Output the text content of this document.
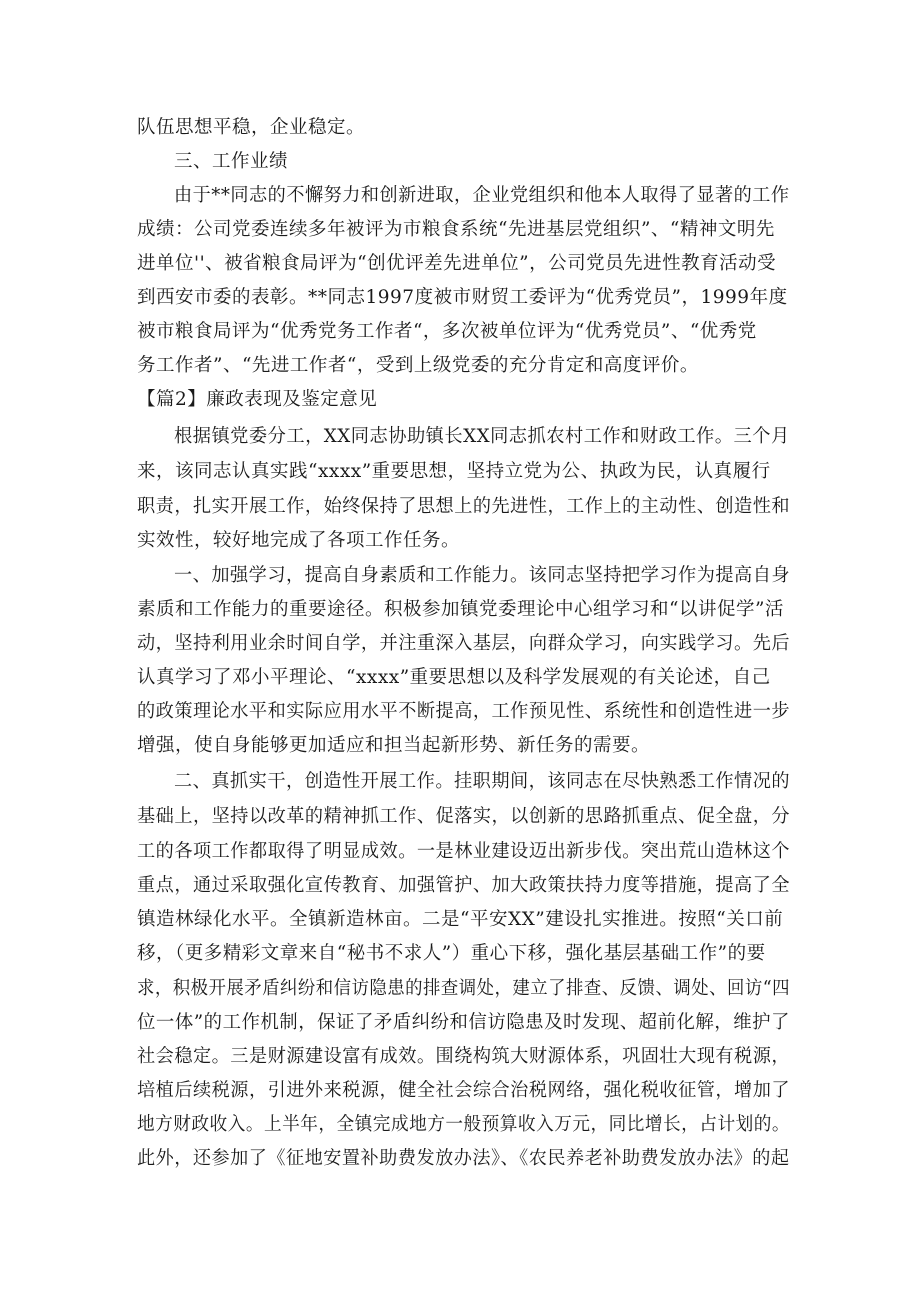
队伍思想平稳，企业稳定。
三、工作业绩
由于**同志的不懈努力和创新进取，企业党组织和他本人取得了显著的工作
成绩：公司党委连续多年被评为市粮食系统“先进基层党组织”、“精神文明先
进单位''、被省粮食局评为“创优评差先进单位”，公司党员先进性教育活动受
到西安市委的表彰。**同志1997度被市财贸工委评为“优秀党员”，1999年度
被市粮食局评为“优秀党务工作者“，多次被单位评为“优秀党员”、“优秀党
务工作者”、“先进工作者“，受到上级党委的充分肯定和高度评价。
【篇2】廉政表现及鉴定意见
根据镇党委分工，XX同志协助镇长XX同志抓农村工作和财政工作。三个月
来，该同志认真实践“xxxx”重要思想，坚持立党为公、执政为民，认真履行
职责，扎实开展工作，始终保持了思想上的先进性，工作上的主动性、创造性和
实效性，较好地完成了各项工作任务。
一、加强学习，提高自身素质和工作能力。该同志坚持把学习作为提高自身
素质和工作能力的重要途径。积极参加镇党委理论中心组学习和“以讲促学”活
动，坚持利用业余时间自学，并注重深入基层，向群众学习，向实践学习。先后
认真学习了邓小平理论、“xxxx”重要思想以及科学发展观的有关论述，自己
的政策理论水平和实际应用水平不断提高，工作预见性、系统性和创造性进一步
增强，使自身能够更加适应和担当起新形势、新任务的需要。
二、真抓实干，创造性开展工作。挂职期间，该同志在尽快熟悉工作情况的
基础上，坚持以改革的精神抓工作、促落实，以创新的思路抓重点、促全盘，分
工的各项工作都取得了明显成效。一是林业建设迈出新步伐。突出荒山造林这个
重点，通过采取强化宣传教育、加强管护、加大政策扶持力度等措施，提高了全
镇造林绿化水平。全镇新造林亩。二是“平安XX”建设扎实推进。按照“关口前
移，（更多精彩文章来自“秘书不求人”）重心下移，强化基层基础工作”的要
求，积极开展矛盾纠纷和信访隐患的排查调处，建立了排查、反馈、调处、回访“四
位一体”的工作机制，保证了矛盾纠纷和信访隐患及时发现、超前化解，维护了
社会稳定。三是财源建设富有成效。围绕构筑大财源体系，巩固壮大现有税源，
培植后续税源，引进外来税源，健全社会综合治税网络，强化税收征管，增加了
地方财政收入。上半年，全镇完成地方一般预算收入万元，同比增长，占计划的。
此外，还参加了《征地安置补助费发放办法》、《农民养老补助费发放办法》的起
